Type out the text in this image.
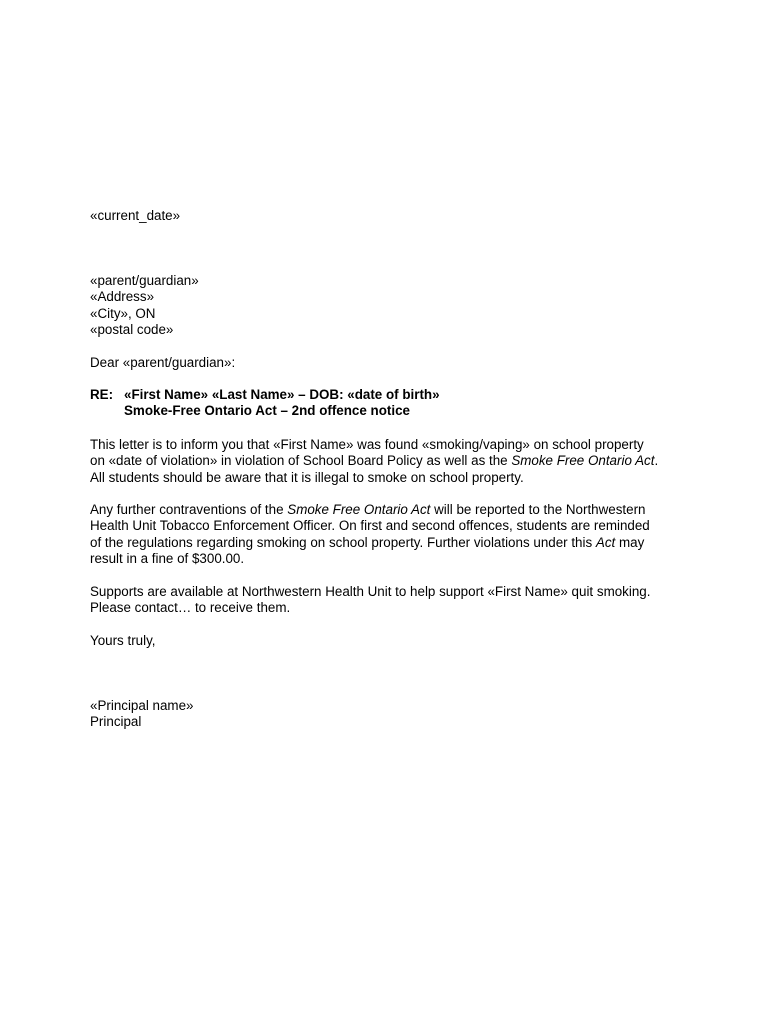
«current_date»
«parent/guardian»
«Address»
«City», ON
«postal code»
Dear «parent/guardian»:
RE: «First Name» «Last Name» – DOB: «date of birth»
Smoke-Free Ontario Act – 2nd offence notice
This letter is to inform you that «First Name» was found «smoking/vaping» on school property
on «date of violation» in violation of School Board Policy as well as the Smoke Free Ontario Act.
All students should be aware that it is illegal to smoke on school property.
Any further contraventions of the Smoke Free Ontario Act will be reported to the Northwestern
Health Unit Tobacco Enforcement Officer. On first and second offences, students are reminded
of the regulations regarding smoking on school property. Further violations under this Act may
result in a fine of $300.00.
Supports are available at Northwestern Health Unit to help support «First Name» quit smoking.
Please contact… to receive them.
Yours truly,
«Principal name»
Principal
